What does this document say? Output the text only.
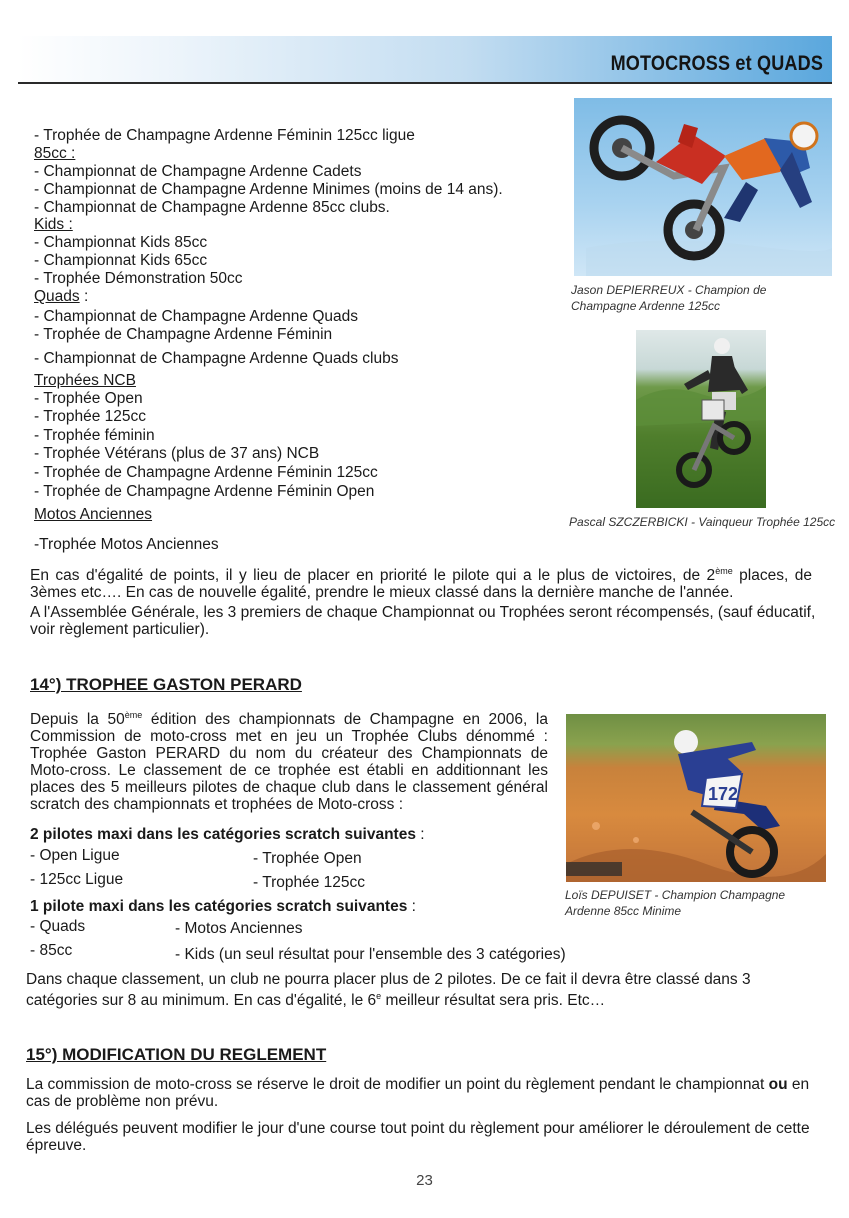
MOTOCROSS et QUADS
- Trophée de Champagne Ardenne Féminin 125cc ligue
85cc :
- Championnat de Champagne Ardenne Cadets
- Championnat de Champagne Ardenne Minimes (moins de 14 ans).
- Championnat de Champagne Ardenne 85cc clubs.
Kids :
- Championnat Kids 85cc
- Championnat Kids 65cc
- Trophée Démonstration 50cc
Quads :
- Championnat de Champagne Ardenne Quads
- Trophée de Champagne Ardenne Féminin
- Championnat de Champagne Ardenne Quads clubs
Trophées NCB
- Trophée Open
- Trophée 125cc
- Trophée féminin
- Trophée Vétérans (plus de 37 ans) NCB
- Trophée de Champagne Ardenne Féminin 125cc
- Trophée de Champagne Ardenne Féminin Open
Motos Anciennes
-Trophée Motos Anciennes
Jason DEPIERREUX - Champion de Champagne Ardenne 125cc
Pascal SZCZERBICKI - Vainqueur Trophée 125cc
En cas d'égalité de points, il y lieu de placer en priorité le pilote qui a le plus de victoires, de 2ème places, de 3èmes etc…. En cas de nouvelle égalité, prendre le mieux classé dans la dernière manche de l'année.
A l'Assemblée Générale, les 3 premiers de chaque Championnat ou Trophées seront récompensés, (sauf éducatif, voir règlement particulier).
14°) TROPHEE GASTON PERARD
Depuis la 50ème édition des championnats de Champagne en 2006, la Commission de moto-cross met en jeu un Trophée Clubs dénommé : Trophée Gaston PERARD du nom du créateur des Championnats de Moto-cross. Le classement de ce trophée est établi en additionnant les places des 5 meilleurs pilotes de chaque club dans le classement général scratch des championnats et trophées de Moto-cross :
172
Loïs DEPUISET - Champion Champagne Ardenne 85cc Minime
2 pilotes maxi dans les catégories scratch suivantes :
- Open Ligue	- Trophée Open
- 125cc Ligue	- Trophée 125cc
1 pilote maxi dans les catégories scratch suivantes :
- Quads	- Motos Anciennes
- 85cc	- Kids (un seul résultat pour l'ensemble des 3 catégories)
Dans chaque classement, un club ne pourra placer plus de 2 pilotes. De ce fait il devra être classé dans 3 catégories sur 8 au minimum. En cas d'égalité, le 6e meilleur résultat sera pris. Etc…
15°) MODIFICATION DU REGLEMENT
La commission de moto-cross se réserve le droit de modifier un point du règlement pendant le championnat ou en cas de problème non prévu.
Les délégués peuvent modifier le jour d'une course tout point du règlement pour améliorer le déroulement de cette épreuve.
23
